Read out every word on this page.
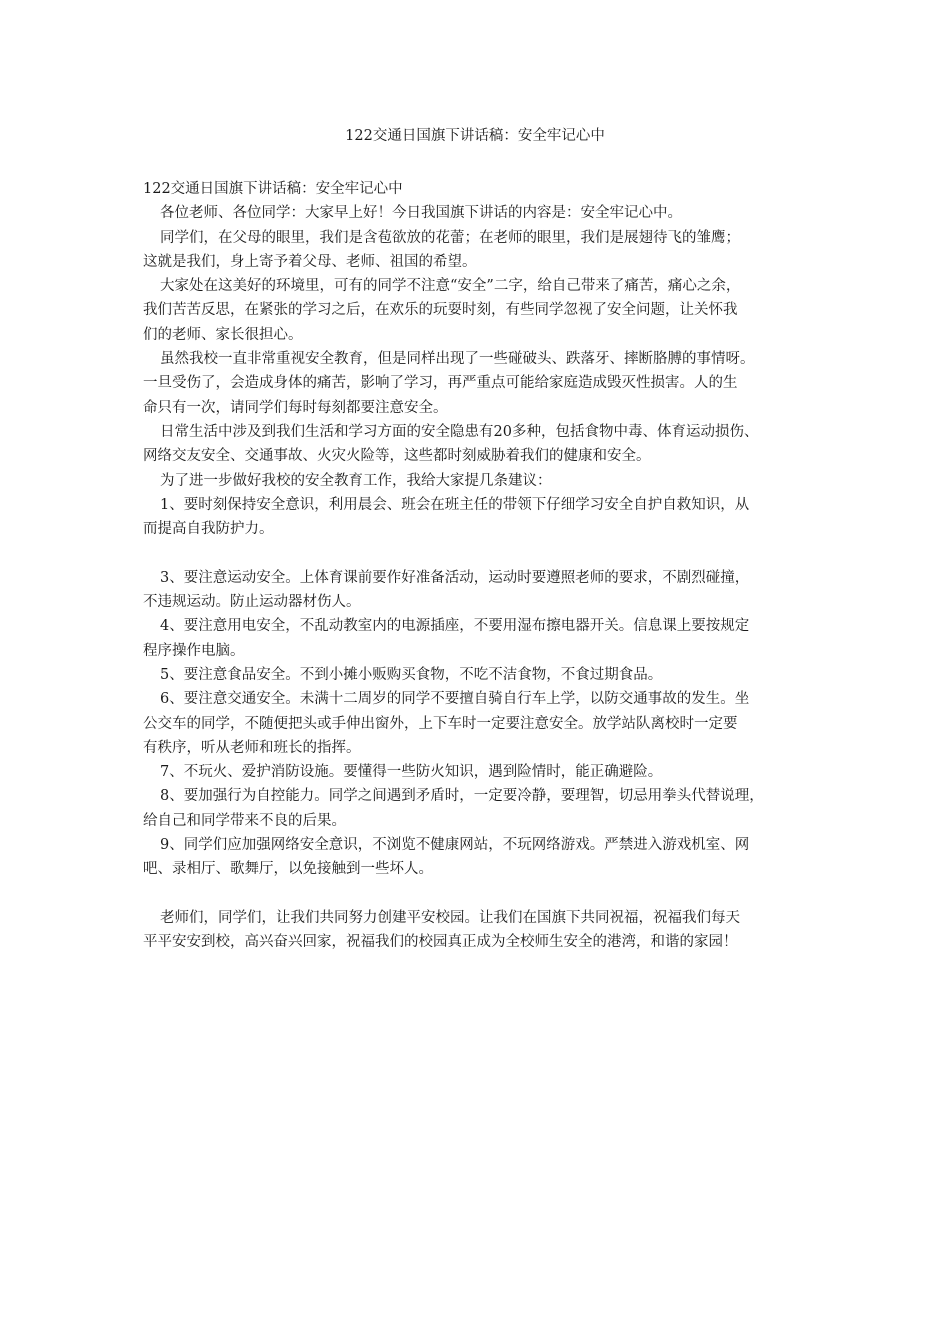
122交通日国旗下讲话稿：安全牢记心中
122交通日国旗下讲话稿：安全牢记心中
各位老师、各位同学：大家早上好！今日我国旗下讲话的内容是：安全牢记心中。
同学们，在父母的眼里，我们是含苞欲放的花蕾；在老师的眼里，我们是展翅待飞的雏鹰；
这就是我们，身上寄予着父母、老师、祖国的希望。
大家处在这美好的环境里，可有的同学不注意“安全”二字，给自己带来了痛苦，痛心之余，
我们苦苦反思，在紧张的学习之后，在欢乐的玩耍时刻，有些同学忽视了安全问题，让关怀我
们的老师、家长很担心。
虽然我校一直非常重视安全教育，但是同样出现了一些碰破头、跌落牙、摔断胳膊的事情呀。
一旦受伤了，会造成身体的痛苦，影响了学习，再严重点可能给家庭造成毁灭性损害。人的生
命只有一次，请同学们每时每刻都要注意安全。
日常生活中涉及到我们生活和学习方面的安全隐患有20多种，包括食物中毒、体育运动损伤、
网络交友安全、交通事故、火灾火险等，这些都时刻威胁着我们的健康和安全。
为了进一步做好我校的安全教育工作，我给大家提几条建议：
1、要时刻保持安全意识，利用晨会、班会在班主任的带领下仔细学习安全自护自救知识，从
而提高自我防护力。
3、要注意运动安全。上体育课前要作好准备活动，运动时要遵照老师的要求，不剧烈碰撞，
不违规运动。防止运动器材伤人。
4、要注意用电安全，不乱动教室内的电源插座，不要用湿布擦电器开关。信息课上要按规定
程序操作电脑。
5、要注意食品安全。不到小摊小贩购买食物，不吃不洁食物，不食过期食品。
6、要注意交通安全。未满十二周岁的同学不要擅自骑自行车上学，以防交通事故的发生。坐
公交车的同学，不随便把头或手伸出窗外，上下车时一定要注意安全。放学站队离校时一定要
有秩序，听从老师和班长的指挥。
7、不玩火、爱护消防设施。要懂得一些防火知识，遇到险情时，能正确避险。
8、要加强行为自控能力。同学之间遇到矛盾时，一定要冷静，要理智，切忌用拳头代替说理，
给自己和同学带来不良的后果。
9、同学们应加强网络安全意识，不浏览不健康网站，不玩网络游戏。严禁进入游戏机室、网
吧、录相厅、歌舞厅，以免接触到一些坏人。
老师们，同学们，让我们共同努力创建平安校园。让我们在国旗下共同祝福，祝福我们每天
平平安安到校，高兴奋兴回家，祝福我们的校园真正成为全校师生安全的港湾，和谐的家园！
